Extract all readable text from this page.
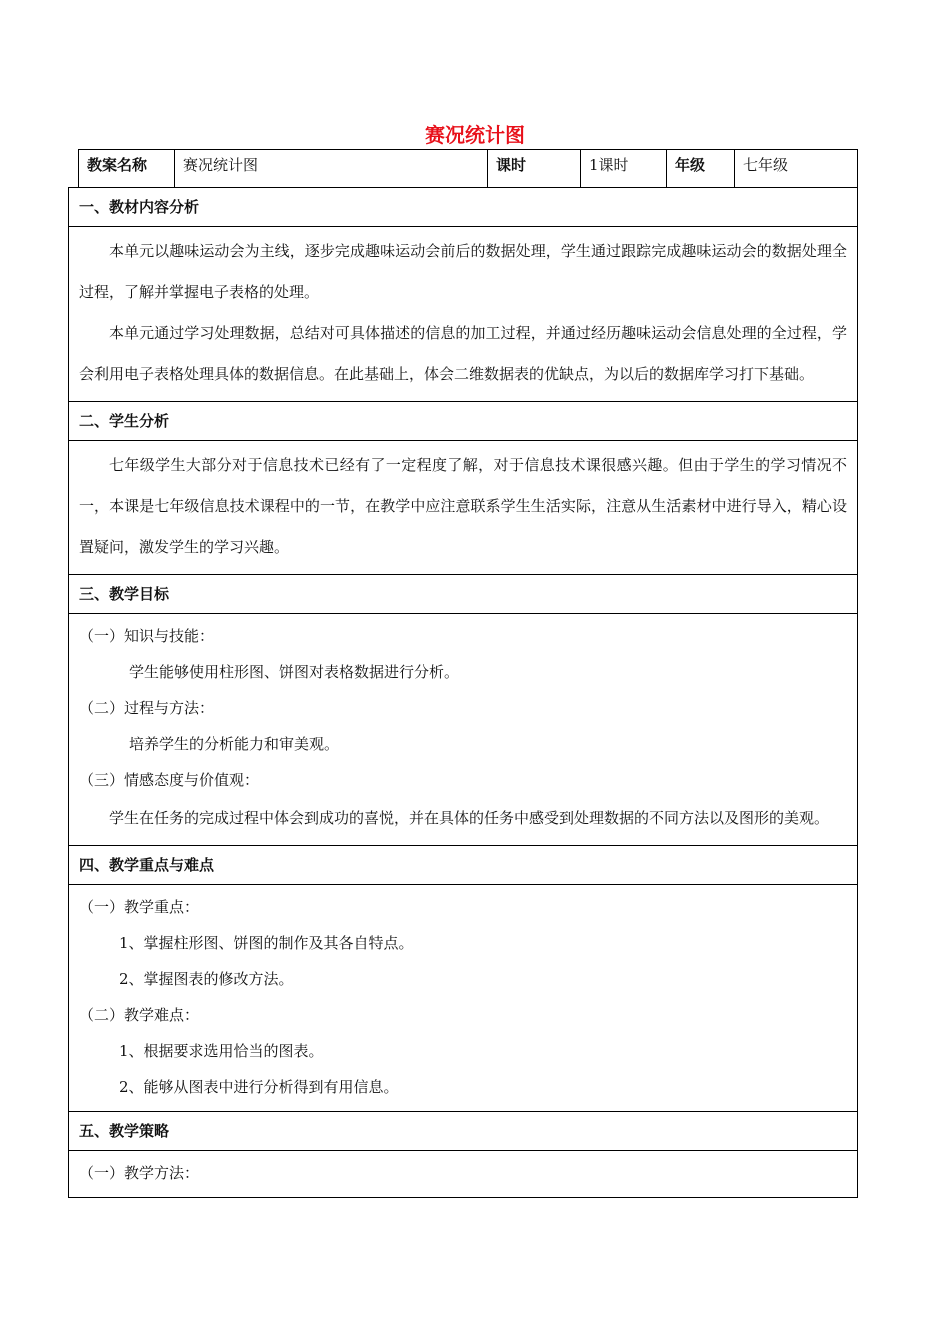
赛况统计图
教案名称	赛况统计图	课时	1课时	年级	七年级
一、教材内容分析
本单元以趣味运动会为主线，逐步完成趣味运动会前后的数据处理，学生通过跟踪完成趣味运动会的数据处理全过程，了解并掌握电子表格的处理。
本单元通过学习处理数据，总结对可具体描述的信息的加工过程，并通过经历趣味运动会信息处理的全过程，学会利用电子表格处理具体的数据信息。在此基础上，体会二维数据表的优缺点，为以后的数据库学习打下基础。
二、学生分析
七年级学生大部分对于信息技术已经有了一定程度了解，对于信息技术课很感兴趣。但由于学生的学习情况不一，本课是七年级信息技术课程中的一节，在教学中应注意联系学生生活实际，注意从生活素材中进行导入，精心设置疑问，激发学生的学习兴趣。
三、教学目标
（一）知识与技能：
学生能够使用柱形图、饼图对表格数据进行分析。
（二）过程与方法：
培养学生的分析能力和审美观。
（三）情感态度与价值观：
学生在任务的完成过程中体会到成功的喜悦，并在具体的任务中感受到处理数据的不同方法以及图形的美观。
四、教学重点与难点
（一）教学重点：
1、掌握柱形图、饼图的制作及其各自特点。
2、掌握图表的修改方法。
（二）教学难点：
1、根据要求选用恰当的图表。
2、能够从图表中进行分析得到有用信息。
五、教学策略
（一）教学方法：
